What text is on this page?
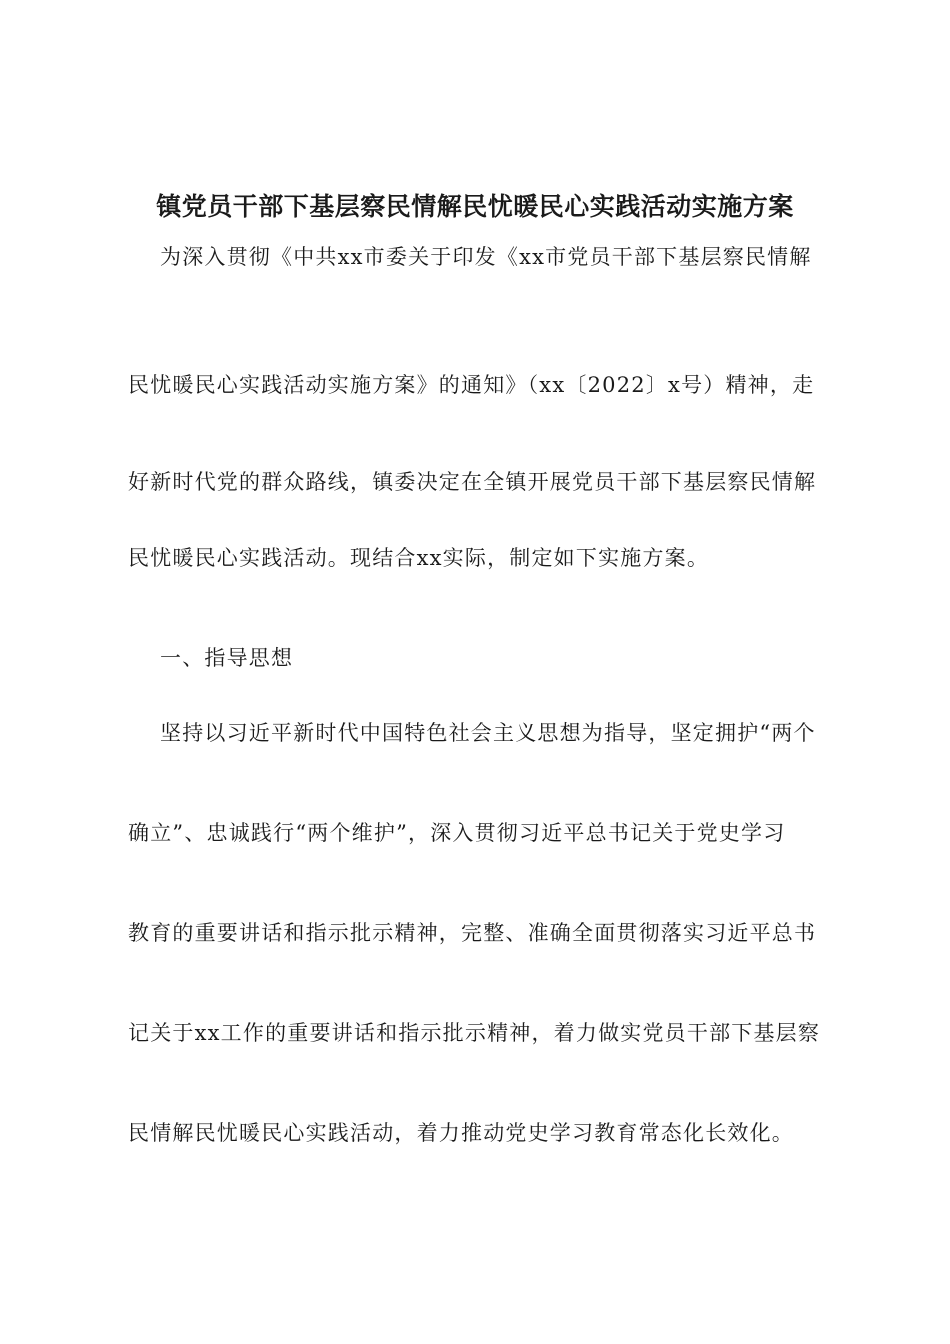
镇党员干部下基层察民情解民忧暖民心实践活动实施方案
为深入贯彻《中共xx市委关于印发《xx市党员干部下基层察民情解
民忧暖民心实践活动实施方案》的通知》（xx〔2022〕x号）精神，走
好新时代党的群众路线，镇委决定在全镇开展党员干部下基层察民情解
民忧暖民心实践活动。现结合xx实际，制定如下实施方案。
一、指导思想
坚持以习近平新时代中国特色社会主义思想为指导，坚定拥护“两个
确立”、忠诚践行“两个维护”，深入贯彻习近平总书记关于党史学习
教育的重要讲话和指示批示精神，完整、准确全面贯彻落实习近平总书
记关于xx工作的重要讲话和指示批示精神，着力做实党员干部下基层察
民情解民忧暖民心实践活动，着力推动党史学习教育常态化长效化。
